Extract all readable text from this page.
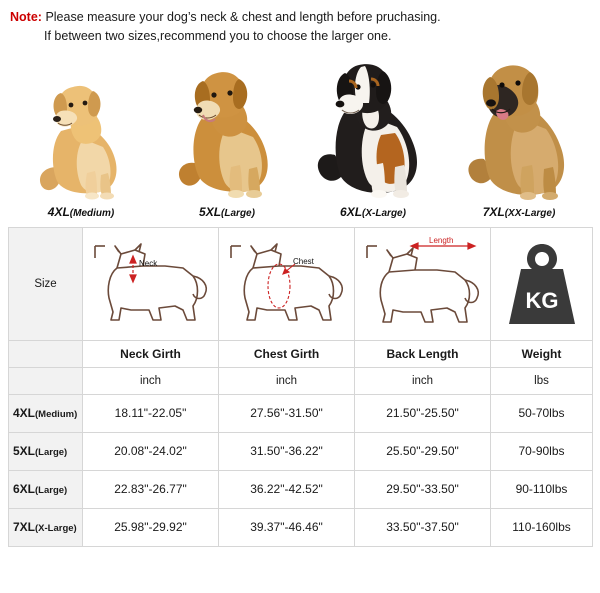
Note: Please measure your dog’s neck & chest and length before pruchasing.
If between two sizes,recommend you to choose the larger one.
4XL(Medium)	5XL(Large)	6XL(X-Large)	7XL(XX-Large)
Size	Neck	Chest	Length	KG

	Neck Girth	Chest Girth	Back Length	Weight
	inch	inch	inch	lbs
4XL(Medium)	18.11"-22.05"	27.56"-31.50"	21.50"-25.50"	50-70lbs
5XL(Large)	20.08"-24.02"	31.50"-36.22"	25.50"-29.50"	70-90lbs
6XL(Large)	22.83"-26.77"	36.22"-42.52"	29.50"-33.50"	90-110lbs
7XL(X-Large)	25.98"-29.92"	39.37"-46.46"	33.50"-37.50"	110-160lbs
